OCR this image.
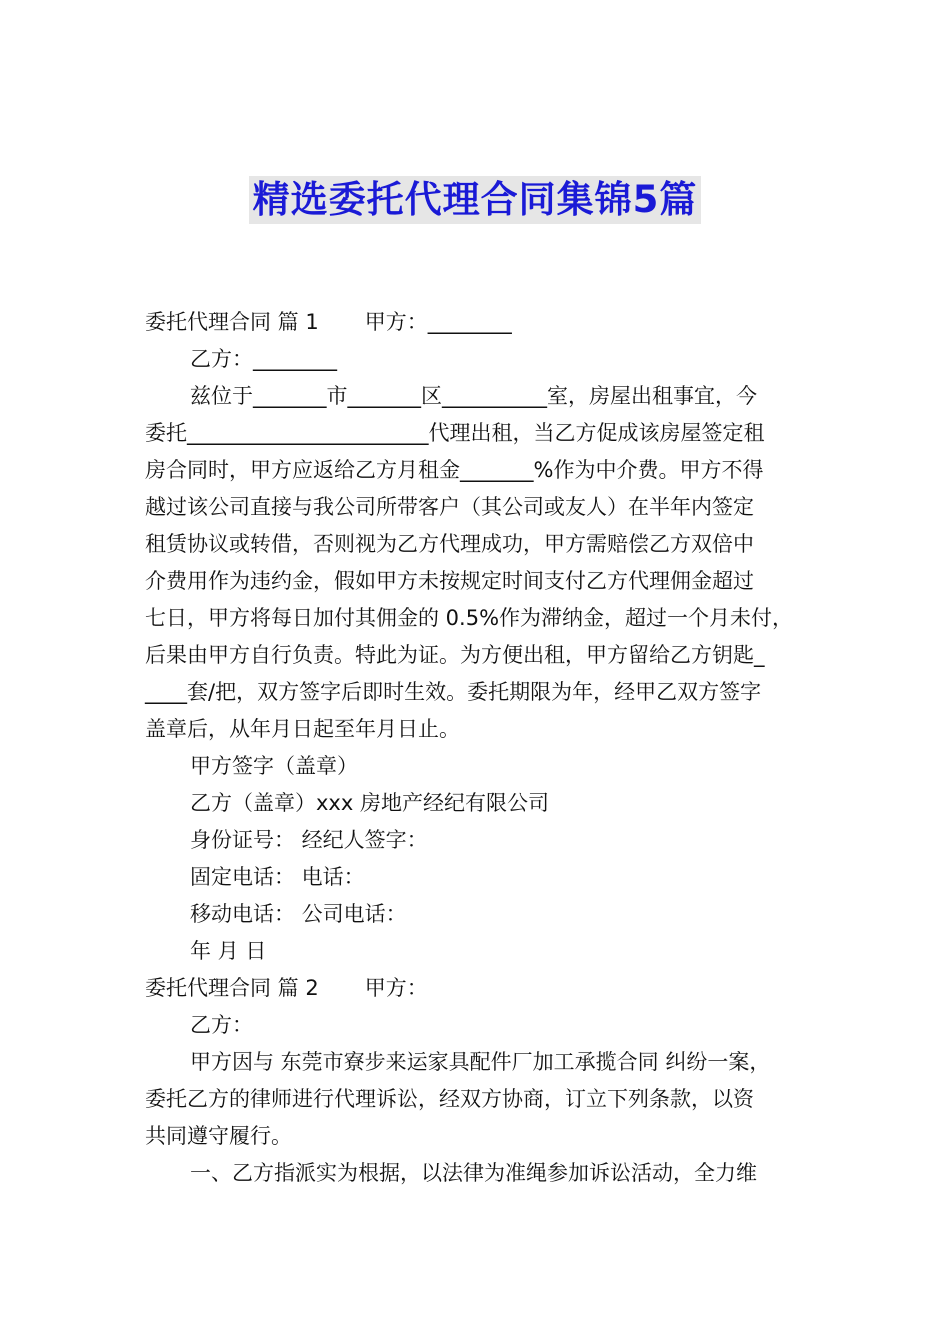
精选委托代理合同集锦5篇
委托代理合同 篇 1 甲方：________
乙方：________
兹位于_______市_______区__________室，房屋出租事宜，今
委托_______________________代理出租，当乙方促成该房屋签定租
房合同时，甲方应返给乙方月租金_______%作为中介费。甲方不得
越过该公司直接与我公司所带客户（其公司或友人）在半年内签定
租赁协议或转借，否则视为乙方代理成功，甲方需赔偿乙方双倍中
介费用作为违约金，假如甲方未按规定时间支付乙方代理佣金超过
七日，甲方将每日加付其佣金的 0.5%作为滞纳金，超过一个月未付，
后果由甲方自行负责。特此为证。为方便出租，甲方留给乙方钥匙_
____套/把，双方签字后即时生效。委托期限为年，经甲乙双方签字
盖章后，从年月日起至年月日止。
甲方签字（盖章）
乙方（盖章）xxx 房地产经纪有限公司
身份证号： 经纪人签字：
固定电话： 电话：
移动电话： 公司电话：
年 月 日
委托代理合同 篇 2 甲方：
乙方：
甲方因与 东莞市寮步来运家具配件厂加工承揽合同 纠纷一案，
委托乙方的律师进行代理诉讼，经双方协商，订立下列条款，以资
共同遵守履行。
一、乙方指派实为根据，以法律为准绳参加诉讼活动，全力维
